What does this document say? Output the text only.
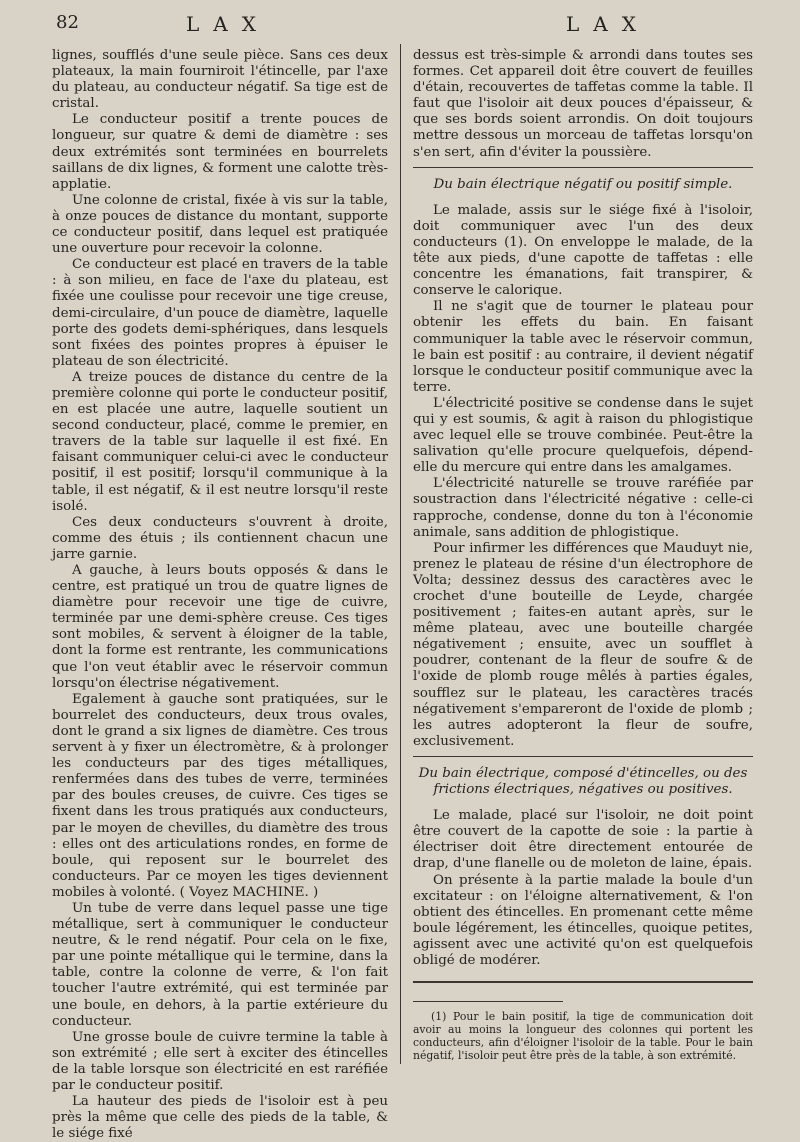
82	LAX	LAX

lignes, soufflés d'une seule pièce. Sans ces deux plateaux, la main fourniroit l'étincelle, par l'axe du plateau, au conducteur négatif. Sa tige est de cristal.

Le conducteur positif a trente pouces de longueur, sur quatre & demi de diamètre : ses deux extrémités sont terminées en bourrelets saillans de dix lignes, & forment une calotte très-applatie.

Une colonne de cristal, fixée à vis sur la table, à onze pouces de distance du montant, supporte ce conducteur positif, dans lequel est pratiquée une ouverture pour recevoir la colonne.

Ce conducteur est placé en travers de la table : à son milieu, en face de l'axe du plateau, est fixée une coulisse pour recevoir une tige creuse, demi-circulaire, d'un pouce de diamètre, laquelle porte des godets demi-sphériques, dans lesquels sont fixées des pointes propres à épuiser le plateau de son électricité.

A treize pouces de distance du centre de la première colonne qui porte le conducteur positif, en est placée une autre, laquelle soutient un second conducteur, placé, comme le premier, en travers de la table sur laquelle il est fixé. En faisant communiquer celui-ci avec le conducteur positif, il est positif; lorsqu'il communique à la table, il est négatif, & il est neutre lorsqu'il reste isolé.

Ces deux conducteurs s'ouvrent à droite, comme des étuis ; ils contiennent chacun une jarre garnie.

A gauche, à leurs bouts opposés & dans le centre, est pratiqué un trou de quatre lignes de diamètre pour recevoir une tige de cuivre, terminée par une demi-sphère creuse. Ces tiges sont mobiles, & servent à éloigner de la table, dont la forme est rentrante, les communications que l'on veut établir avec le réservoir commun lorsqu'on électrise négativement.

Egalement à gauche sont pratiquées, sur le bourrelet des conducteurs, deux trous ovales, dont le grand a six lignes de diamètre. Ces trous servent à y fixer un électromètre, & à prolonger les conducteurs par des tiges métalliques, renfermées dans des tubes de verre, terminées par des boules creuses, de cuivre. Ces tiges se fixent dans les trous pratiqués aux conducteurs, par le moyen de chevilles, du diamètre des trous : elles ont des articulations rondes, en forme de boule, qui reposent sur le bourrelet des conducteurs. Par ce moyen les tiges deviennent mobiles à volonté. ( Voyez MACHINE. )

Un tube de verre dans lequel passe une tige métallique, sert à communiquer le conducteur neutre, & le rend négatif. Pour cela on le fixe, par une pointe métallique qui le termine, dans la table, contre la colonne de verre, & l'on fait toucher l'autre extrémité, qui est terminée par une boule, en dehors, à la partie extérieure du conducteur.

Une grosse boule de cuivre termine la table à son extrémité ; elle sert à exciter des étincelles de la table lorsque son électricité en est raréfiée par le conducteur positif.

La hauteur des pieds de l'isoloir est à peu près la même que celle des pieds de la table, & le siége fixé

dessus est très-simple & arrondi dans toutes ses formes. Cet appareil doit être couvert de feuilles d'étain, recouvertes de taffetas comme la table. Il faut que l'isoloir ait deux pouces d'épaisseur, & que ses bords soient arrondis. On doit toujours mettre dessous un morceau de taffetas lorsqu'on s'en sert, afin d'éviter la poussière.

Du bain électrique négatif ou positif simple.

Le malade, assis sur le siége fixé à l'isoloir, doit communiquer avec l'un des deux conducteurs (1). On enveloppe le malade, de la tête aux pieds, d'une capotte de taffetas : elle concentre les émanations, fait transpirer, & conserve le calorique.

Il ne s'agit que de tourner le plateau pour obtenir les effets du bain. En faisant communiquer la table avec le réservoir commun, le bain est positif : au contraire, il devient négatif lorsque le conducteur positif communique avec la terre.

L'électricité positive se condense dans le sujet qui y est soumis, & agit à raison du phlogistique avec lequel elle se trouve combinée. Peut-être la salivation qu'elle procure quelquefois, dépend-elle du mercure qui entre dans les amalgames.

L'électricité naturelle se trouve raréfiée par soustraction dans l'électricité négative : celle-ci rapproche, condense, donne du ton à l'économie animale, sans addition de phlogistique.

Pour infirmer les différences que Mauduyt nie, prenez le plateau de résine d'un électrophore de Volta; dessinez dessus des caractères avec le crochet d'une bouteille de Leyde, chargée positivement ; faites-en autant après, sur le même plateau, avec une bouteille chargée négativement ; ensuite, avec un soufflet à poudrer, contenant de la fleur de soufre & de l'oxide de plomb rouge mêlés à parties égales, soufflez sur le plateau, les caractères tracés négativement s'empareront de l'oxide de plomb ; les autres adopteront la fleur de soufre, exclusivement.

Du bain électrique, composé d'étincelles, ou des frictions électriques, négatives ou positives.

Le malade, placé sur l'isoloir, ne doit point être couvert de la capotte de soie : la partie à électriser doit être directement entourée de drap, d'une flanelle ou de moleton de laine, épais.

On présente à la partie malade la boule d'un excitateur : on l'éloigne alternativement, & l'on obtient des étincelles. En promenant cette même boule légérement, les étincelles, quoique petites, agissent avec une activité qu'on est quelquefois obligé de modérer.

(1) Pour le bain positif, la tige de communication doit avoir au moins la longueur des colonnes qui portent les conducteurs, afin d'éloigner l'isoloir de la table. Pour le bain négatif, l'isoloir peut être près de la table, à son extrémité.
